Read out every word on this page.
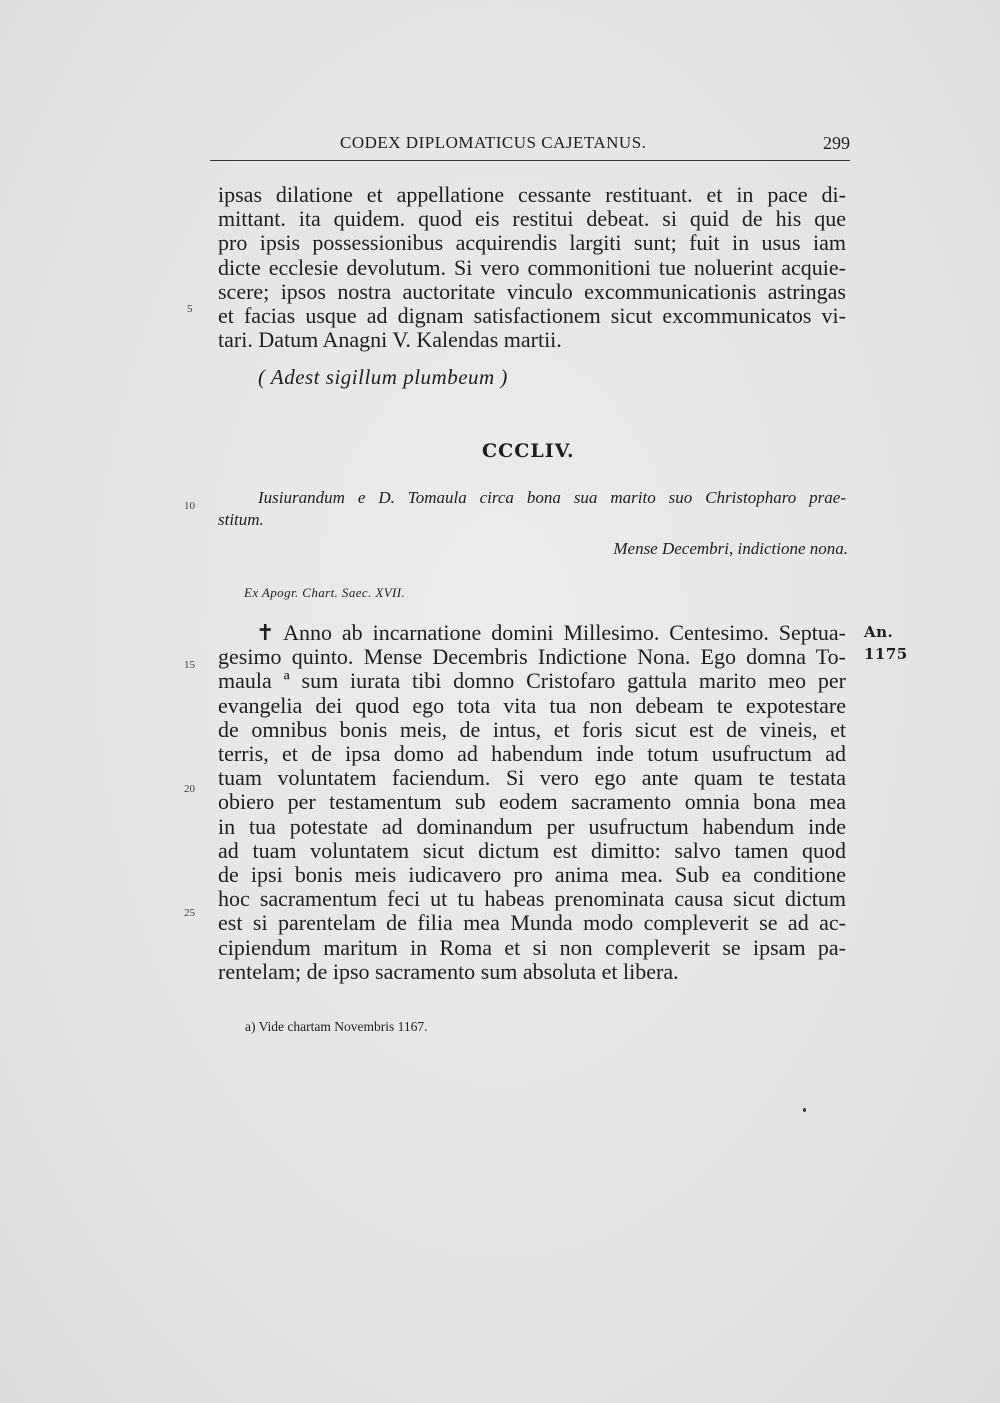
CODEX DIPLOMATICUS CAJETANUS.	299
ipsas dilatione et appellatione cessante restituant. et in pace di-
mittant. ita quidem. quod eis restitui debeat. si quid de his que
pro ipsis possessionibus acquirendis largiti sunt; fuit in usus iam
dicte ecclesie devolutum. Si vero commonitioni tue noluerint acquie-
scere; ipsos nostra auctoritate vinculo excommunicationis astringas
et facias usque ad dignam satisfactionem sicut excommunicatos vi-
tari. Datum Anagni V. Kalendas martii.
( Adest sigillum plumbeum )
CCCLIV.
Iusiurandum e D. Tomaula circa bona sua marito suo Christopharo prae-
stitum.
Mense Decembri, indictione nona.
Ex Apogr. Chart. Saec. XVII.
✝ Anno ab incarnatione domini Millesimo. Centesimo. Septua-
gesimo quinto. Mense Decembris Indictione Nona. Ego domna To-
maula ª sum iurata tibi domno Cristofaro gattula marito meo per
evangelia dei quod ego tota vita tua non debeam te expotestare
de omnibus bonis meis, de intus, et foris sicut est de vineis, et
terris, et de ipsa domo ad habendum inde totum usufructum ad
tuam voluntatem faciendum. Si vero ego ante quam te testata
obiero per testamentum sub eodem sacramento omnia bona mea
in tua potestate ad dominandum per usufructum habendum inde
ad tuam voluntatem sicut dictum est dimitto: salvo tamen quod
de ipsi bonis meis iudicavero pro anima mea. Sub ea conditione
hoc sacramentum feci ut tu habeas prenominata causa sicut dictum
est si parentelam de filia mea Munda modo compleverit se ad ac-
cipiendum maritum in Roma et si non compleverit se ipsam pa-
rentelam; de ipso sacramento sum absoluta et libera.
An.
1175
5
10
15
20
25
a) Vide chartam Novembris 1167.
